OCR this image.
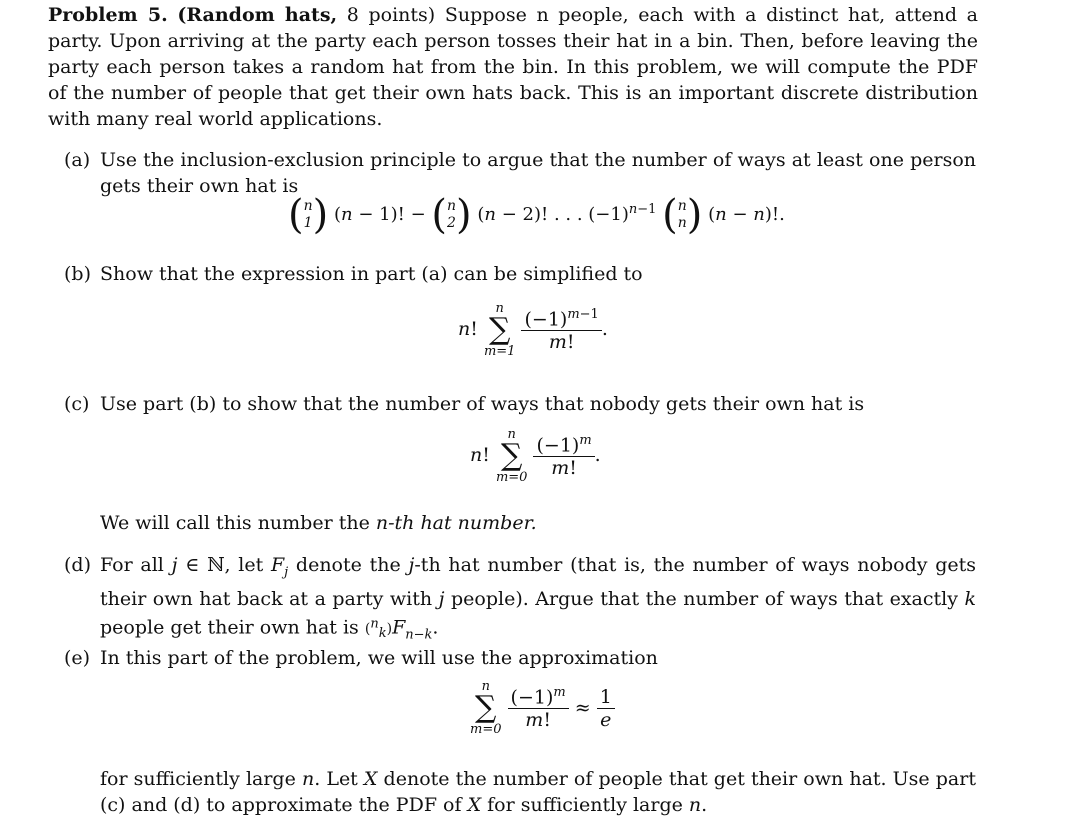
Problem 5. (Random hats, 8 points) Suppose n people, each with a distinct hat, attend a party. Upon arriving at the party each person tosses their hat in a bin. Then, before leaving the party each person takes a random hat from the bin. In this problem, we will compute the PDF of the number of people that get their own hats back. This is an important discrete distribution with many real world applications.
(a) Use the inclusion-exclusion principle to argue that the number of ways at least one person gets their own hat is
(n
1) (n − 1)! − (n
2) (n − 2)! . . . $(-1)^{n-1}$ (n
n) (n − n)!.
(b) Show that the expression in part (a) can be simplified to
n!
n
∑
m=1
$\frac{(-1)^{m-1}}{m!}$ .
(c) Use part (b) to show that the number of ways that nobody gets their own hat is
n!
n
∑
m=0
$\frac{(-1)^m}{m!}$ .
We will call this number the n-th hat number.
(d) For all j ∈ ℕ, let $F_j$ denote the j-th hat number (that is, the number of ways nobody gets their own hat back at a party with j people). Argue that the number of ways that exactly k people get their own hat is $(^n_k)F_{n-k}$.
(e) In this part of the problem, we will use the approximation
n
∑
m=0
$\frac{(-1)^m}{m!} \approx \frac{1}{e}$
for sufficiently large n. Let X denote the number of people that get their own hat. Use part (c) and (d) to approximate the PDF of X for sufficiently large n.
